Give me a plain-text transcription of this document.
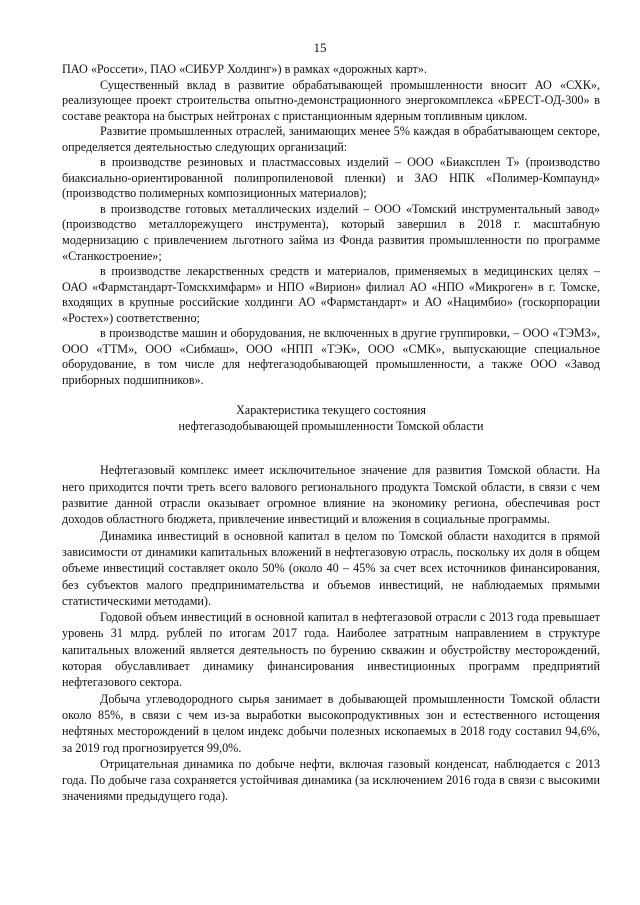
15

ПАО «Россети», ПАО «СИБУР Холдинг») в рамках «дорожных карт».

Существенный вклад в развитие обрабатывающей промышленности вносит АО «СХК», реализующее проект строительства опытно-демонстрационного энергокомплекса «БРЕСТ-ОД-300» в составе реактора на быстрых нейтронах с пристанционным ядерным топливным циклом.

Развитие промышленных отраслей, занимающих менее 5% каждая в обрабатывающем секторе, определяется деятельностью следующих организаций:

в производстве резиновых и пластмассовых изделий – ООО «Биаксплен Т» (производство биаксиально-ориентированной полипропиленовой пленки) и ЗАО НПК «Полимер-Компаунд» (производство полимерных композиционных материалов);

в производстве готовых металлических изделий – ООО «Томский инструментальный завод» (производство металлорежущего инструмента), который завершил в 2018 г. масштабную модернизацию с привлечением льготного займа из Фонда развития промышленности по программе «Станкостроение»;

в производстве лекарственных средств и материалов, применяемых в медицинских целях – ОАО «Фармстандарт-Томскхимфарм» и НПО «Вирион» филиал АО «НПО «Микроген» в г. Томске, входящих в крупные российские холдинги АО «Фармстандарт» и АО «Нацимбио» (госкорпорации «Ростех») соответственно;

в производстве машин и оборудования, не включенных в другие группировки, – ООО «ТЭМЗ», ООО «ТТМ», ООО «Сибмаш», ООО «НПП «ТЭК», ООО «СМК», выпускающие специальное оборудование, в том числе для нефтегазодобывающей промышленности, а также ООО «Завод приборных подшипников».

Характеристика текущего состояния
нефтегазодобывающей промышленности Томской области

Нефтегазовый комплекс имеет исключительное значение для развития Томской области. На него приходится почти треть всего валового регионального продукта Томской области, в связи с чем развитие данной отрасли оказывает огромное влияние на экономику региона, обеспечивая рост доходов областного бюджета, привлечение инвестиций и вложения в социальные программы.

Динамика инвестиций в основной капитал в целом по Томской области находится в прямой зависимости от динамики капитальных вложений в нефтегазовую отрасль, поскольку их доля в общем объеме инвестиций составляет около 50% (около 40 – 45% за счет всех источников финансирования, без субъектов малого предпринимательства и объемов инвестиций, не наблюдаемых прямыми статистическими методами).

Годовой объем инвестиций в основной капитал в нефтегазовой отрасли с 2013 года превышает уровень 31 млрд. рублей по итогам 2017 года. Наиболее затратным направлением в структуре капитальных вложений является деятельность по бурению скважин и обустройству месторождений, которая обуславливает динамику финансирования инвестиционных программ предприятий нефтегазового сектора.

Добыча углеводородного сырья занимает в добывающей промышленности Томской области около 85%, в связи с чем из-за выработки высокопродуктивных зон и естественного истощения нефтяных месторождений в целом индекс добычи полезных ископаемых в 2018 году составил 94,6%, за 2019 год прогнозируется 99,0%.

Отрицательная динамика по добыче нефти, включая газовый конденсат, наблюдается с 2013 года. По добыче газа сохраняется устойчивая динамика (за исключением 2016 года в связи с высокими значениями предыдущего года).
